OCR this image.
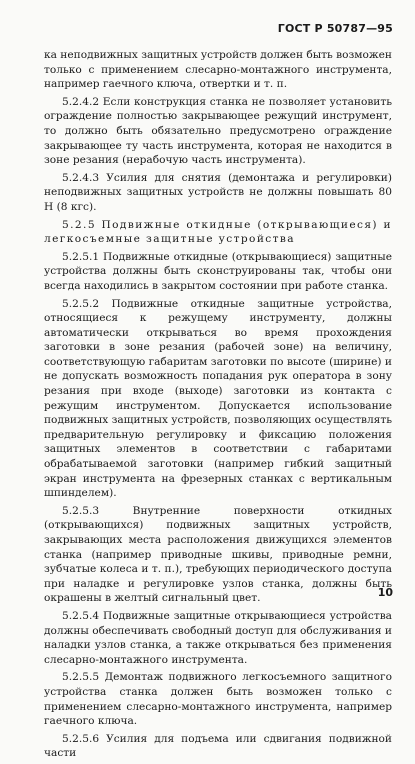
ГОСТ Р 50787—95

ка неподвижных защитных устройств должен быть возможен только с применением слесарно-монтажного инструмента, например гаечного ключа, отвертки и т. п.

5.2.4.2 Если конструкция станка не позволяет установить ограждение полностью закрывающее режущий инструмент, то должно быть обязательно предусмотрено ограждение закрывающее ту часть инструмента, которая не находится в зоне резания (нерабочую часть инструмента).

5.2.4.3 Усилия для снятия (демонтажа и регулировки) неподвижных защитных устройств не должны повышать 80 Н (8 кгс).

5.2.5 Подвижные откидные (открывающиеся) и легкосъемные защитные устройства

5.2.5.1 Подвижные откидные (открывающиеся) защитные устройства должны быть сконструированы так, чтобы они всегда находились в закрытом состоянии при работе станка.

5.2.5.2 Подвижные откидные защитные устройства, относящиеся к режущему инструменту, должны автоматически открываться во время прохождения заготовки в зоне резания (рабочей зоне) на величину, соответствующую габаритам заготовки по высоте (ширине) и не допускать возможность попадания рук оператора в зону резания при входе (выходе) заготовки из контакта с режущим инструментом. Допускается использование подвижных защитных устройств, позволяющих осуществлять предварительную регулировку и фиксацию положения защитных элементов в соответствии с габаритами обрабатываемой заготовки (например гибкий защитный экран инструмента на фрезерных станках с вертикальным шпинделем).

5.2.5.3 Внутренние поверхности откидных (открывающихся) подвижных защитных устройств, закрывающих места расположения движущихся элементов станка (например приводные шкивы, приводные ремни, зубчатые колеса и т. п.), требующих периодического доступа при наладке и регулировке узлов станка, должны быть окрашены в желтый сигнальный цвет.

5.2.5.4 Подвижные защитные открывающиеся устройства должны обеспечивать свободный доступ для обслуживания и наладки узлов станка, а также открываться без применения слесарно-монтажного инструмента.

5.2.5.5 Демонтаж подвижного легкосъемного защитного устройства станка должен быть возможен только с применением слесарно-монтажного инструмента, например гаечного ключа.

5.2.5.6 Усилия для подъема или сдвигания подвижной части

10
